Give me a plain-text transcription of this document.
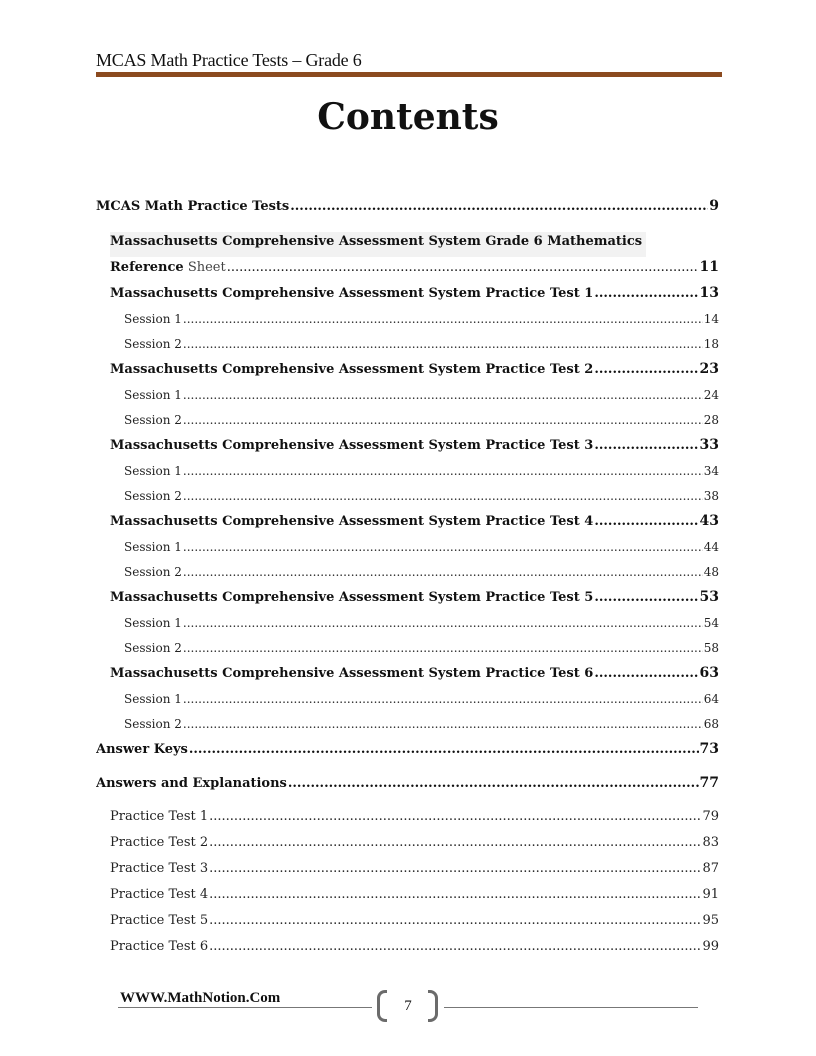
MCAS Math Practice Tests – Grade 6
Contents
MCAS Math Practice Tests .....	9
Massachusetts Comprehensive Assessment System Grade 6 Mathematics
Reference Sheet .....	11
Massachusetts Comprehensive Assessment System Practice Test 1 .....	13
Session 1 .....	14
Session 2 .....	18
Massachusetts Comprehensive Assessment System Practice Test 2 .....	23
Session 1 .....	24
Session 2 .....	28
Massachusetts Comprehensive Assessment System Practice Test 3 .....	33
Session 1 .....	34
Session 2 .....	38
Massachusetts Comprehensive Assessment System Practice Test 4 .....	43
Session 1 .....	44
Session 2 .....	48
Massachusetts Comprehensive Assessment System Practice Test 5 .....	53
Session 1 .....	54
Session 2 .....	58
Massachusetts Comprehensive Assessment System Practice Test 6 .....	63
Session 1 .....	64
Session 2 .....	68
Answer Keys .....	73
Answers and Explanations .....	77
Practice Test 1 .....	79
Practice Test 2 .....	83
Practice Test 3 .....	87
Practice Test 4 .....	91
Practice Test 5 .....	95
Practice Test 6 .....	99
WWW.MathNotion.Com	7
